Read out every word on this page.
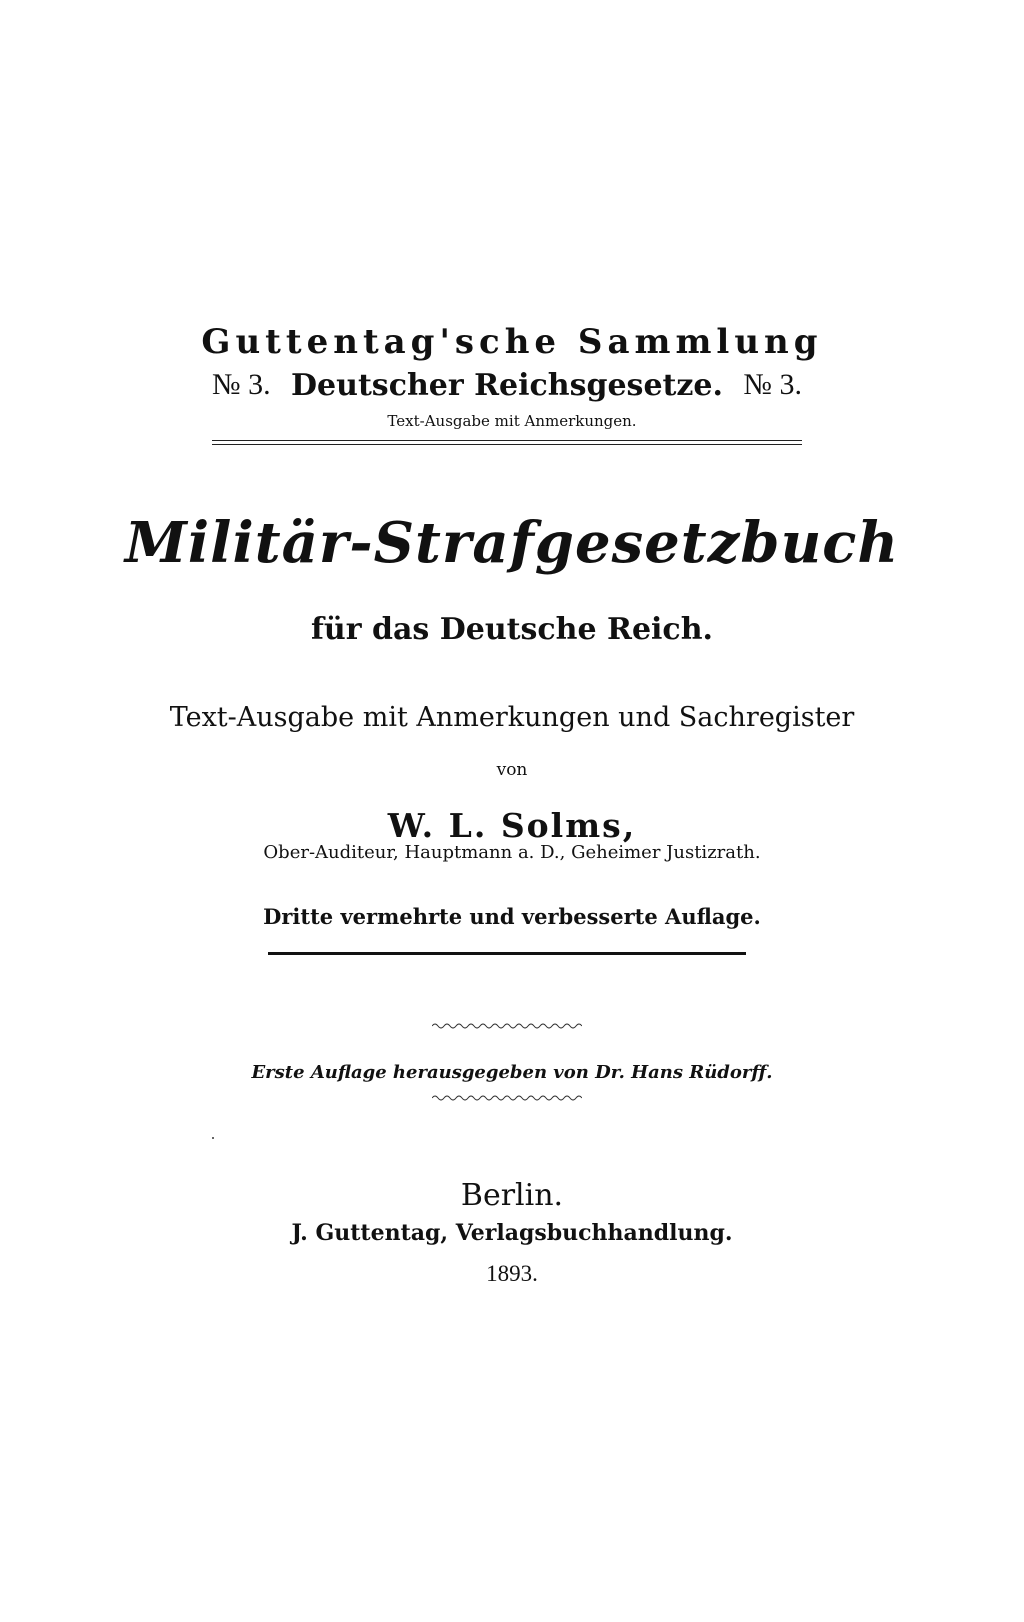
Guttentag'sche Sammlung
№ 3. Deutscher Reichsgesetze. № 3.
Text-Ausgabe mit Anmerkungen.
Militär-Strafgesetzbuch
für das Deutsche Reich.
Text-Ausgabe mit Anmerkungen und Sachregister
von
W. L. Solms,
Ober-Auditeur, Hauptmann a. D., Geheimer Justizrath.
Dritte vermehrte und verbesserte Auflage.
Erste Auflage herausgegeben von Dr. Hans Rüdorff.
Berlin.
J. Guttentag, Verlagsbuchhandlung.
1893.
